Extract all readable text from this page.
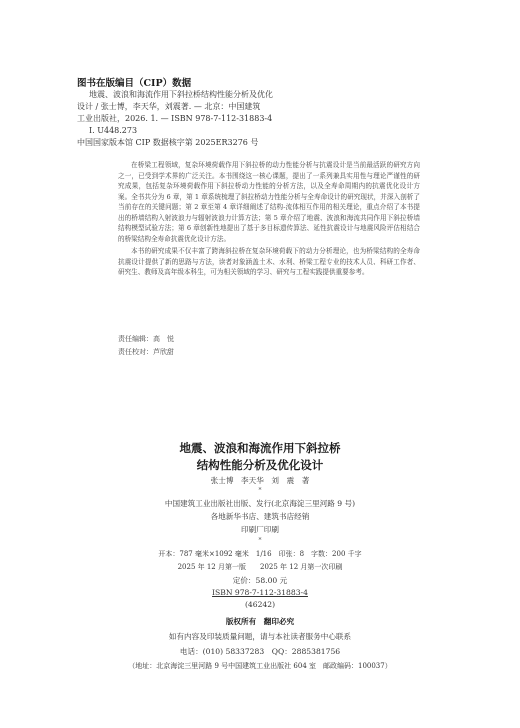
图书在版编目（CIP）数据
地震、波浪和海流作用下斜拉桥结构性能分析及优化
设计 / 张士博，李天华，刘震著. — 北京：中国建筑
工业出版社，2026. 1. — ISBN 978-7-112-31883-4
Ⅰ. U448.273
中国国家版本馆 CIP 数据核字第 2025ER3276 号

在桥梁工程领域，复杂环境荷载作用下斜拉桥的动力性能分析与抗震设计是当前最活跃的研究方向之一，已受到学术界的广泛关注。本书围绕这一核心课题，提出了一系列兼具实用性与理论严谨性的研究成果，包括复杂环境荷载作用下斜拉桥动力性能的分析方法，以及全寿命周期内的抗震优化设计方案。全书共分为 6 章，第 1 章系统梳理了斜拉桥动力性能分析与全寿命设计的研究现状，并深入剖析了当前存在的关键问题；第 2 章至第 4 章详细阐述了结构-流体相互作用的相关理论，重点介绍了本书提出的桥墙结构入射波浪力与辐射波浪力计算方法；第 5 章介绍了地震、波浪和海流共同作用下斜拉桥墙结构模型试验方法；第 6 章创新性地提出了基于多目标遗传算法、延性抗震设计与地震风险评估相结合的桥梁结构全寿命抗震优化设计方法。

本书的研究成果不仅丰富了跨海斜拉桥在复杂环境荷载下的动力分析理论，也为桥梁结构的全寿命抗震设计提供了新的思路与方法，读者对象涵盖土木、水利、桥梁工程专业的技术人员、科研工作者、研究生、教师及高年级本科生，可为相关领域的学习、研究与工程实践提供重要参考。

责任编辑：高　悦
责任校对：芦欣甜
地震、波浪和海流作用下斜拉桥
结构性能分析及优化设计
张士博　李天华　刘　震　著
*
中国建筑工业出版社出版、发行(北京海淀三里河路 9 号)
各地新华书店、建筑书店经销
印刷厂印刷
*
开本：787 毫米×1092 毫米　1/16　印张：8　字数：200 千字
2025 年 12 月第一版　　2025 年 12 月第一次印刷
定价：58.00 元
ISBN 978-7-112-31883-4
(46242)
版权所有　翻印必究
如有内容及印装质量问题，请与本社读者服务中心联系
电话：(010) 58337283　QQ：2885381756
（地址：北京海淀三里河路 9 号中国建筑工业出版社 604 室　邮政编码：100037）
